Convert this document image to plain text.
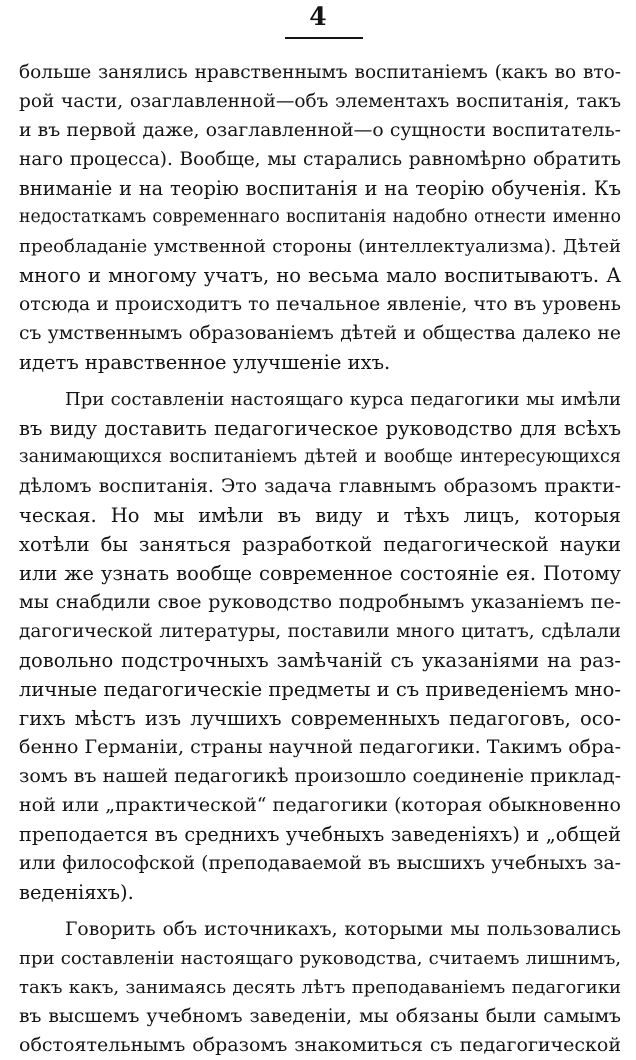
4
больше занялись нравственнымъ воспитанiемъ (какъ во вто-
рой части, озаглавленной—объ элементахъ воспитанiя, такъ
и въ первой даже, озаглавленной—о сущности воспитатель-
наго процесса). Вообще, мы старались равномѣрно обратить
вниманiе и на теорiю воспитанiя и на теорiю обученiя. Къ
недостаткамъ современнаго воспитанiя надобно отнести именно
преобладанiе умственной стороны (интеллектуализма). Дѣтей
много и многому учатъ, но весьма мало воспитываютъ. А
отсюда и происходитъ то печальное явленiе, что въ уровень
съ умственнымъ образованiемъ дѣтей и общества далеко не
идетъ нравственное улучшенiе ихъ.
При составленiи настоящаго курса педагогики мы имѣли
въ виду доставить педагогическое руководство для всѣхъ
занимающихся воспитанiемъ дѣтей и вообще интересующихся
дѣломъ воспитанiя. Это задача главнымъ образомъ практи-
ческая. Но мы имѣли въ виду и тѣхъ лицъ, которыя
хотѣли бы заняться разработкой педагогической науки
или же узнать вообще современное состоянiе ея. Потому
мы снабдили свое руководство подробнымъ указанiемъ пе-
дагогической литературы, поставили много цитатъ, сдѣлали
довольно подстрочныхъ замѣчанiй съ указанiями на раз-
личные педагогическiе предметы и съ приведенiемъ мно-
гихъ мѣстъ изъ лучшихъ современныхъ педагоговъ, осо-
бенно Германiи, страны научной педагогики. Такимъ обра-
зомъ въ нашей педагогикѣ произошло соединенiе приклад-
ной или „практической“ педагогики (которая обыкновенно
преподается въ среднихъ учебныхъ заведенiяхъ) и „общей
или философской (преподаваемой въ высшихъ учебныхъ за-
веденiяхъ).
Говорить объ источникахъ, которыми мы пользовались
при составленiи настоящаго руководства, считаемъ лишнимъ,
такъ какъ, занимаясь десять лѣтъ преподаванiемъ педагогики
въ высшемъ учебномъ заведенiи, мы обязаны были самымъ
обстоятельнымъ образомъ знакомиться съ педагогической
